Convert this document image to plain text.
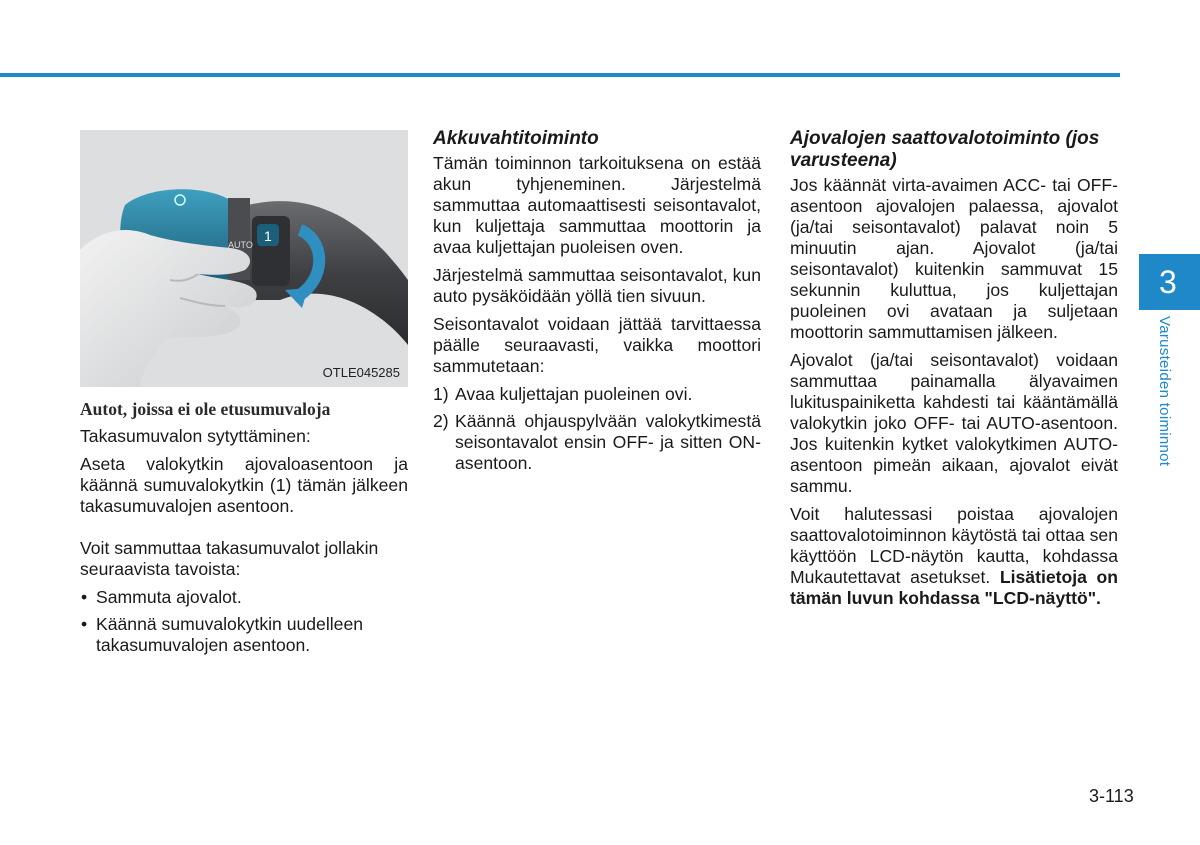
1
AUTO
OTLE045285
Autot, joissa ei ole etusumuvaloja

Takasumuvalon sytyttäminen:

Aseta valokytkin ajovaloasentoon ja käännä sumuvalokytkin (1) tämän jälkeen takasumuvalojen asentoon.

Voit sammuttaa takasumuvalot jollakin seuraavista tavoista:

• Sammuta ajovalot.
• Käännä sumuvalokytkin uudelleen takasumuvalojen asentoon.
Akkuvahtitoiminto

Tämän toiminnon tarkoituksena on estää akun tyhjeneminen. Järjestelmä sammuttaa automaattisesti seisontavalot, kun kuljettaja sammuttaa moottorin ja avaa kuljettajan puoleisen oven.

Järjestelmä sammuttaa seisontavalot, kun auto pysäköidään yöllä tien sivuun.

Seisontavalot voidaan jättää tarvittaessa päälle seuraavasti, vaikka moottori sammutetaan:

1) Avaa kuljettajan puoleinen ovi.
2) Käännä ohjauspylvään valokytkimestä seisontavalot ensin OFF- ja sitten ON-asentoon.
Ajovalojen saattovalotoiminto (jos varusteena)

Jos käännät virta-avaimen ACC- tai OFF-asentoon ajovalojen palaessa, ajovalot (ja/tai seisontavalot) palavat noin 5 minuutin ajan. Ajovalot (ja/tai seisontavalot) kuitenkin sammuvat 15 sekunnin kuluttua, jos kuljettajan puoleinen ovi avataan ja suljetaan moottorin sammuttamisen jälkeen.

Ajovalot (ja/tai seisontavalot) voidaan sammuttaa painamalla älyavaimen lukituspainiketta kahdesti tai kääntämällä valokytkin joko OFF- tai AUTO-asentoon. Jos kuitenkin kytket valokytkimen AUTO-asentoon pimeän aikaan, ajovalot eivät sammu.

Voit halutessasi poistaa ajovalojen saattovalotoiminnon käytöstä tai ottaa sen käyttöön LCD-näytön kautta, kohdassa Mukautettavat asetukset. Lisätietoja on tämän luvun kohdassa "LCD-näyttö".

3
Varusteiden toiminnot
3-113
